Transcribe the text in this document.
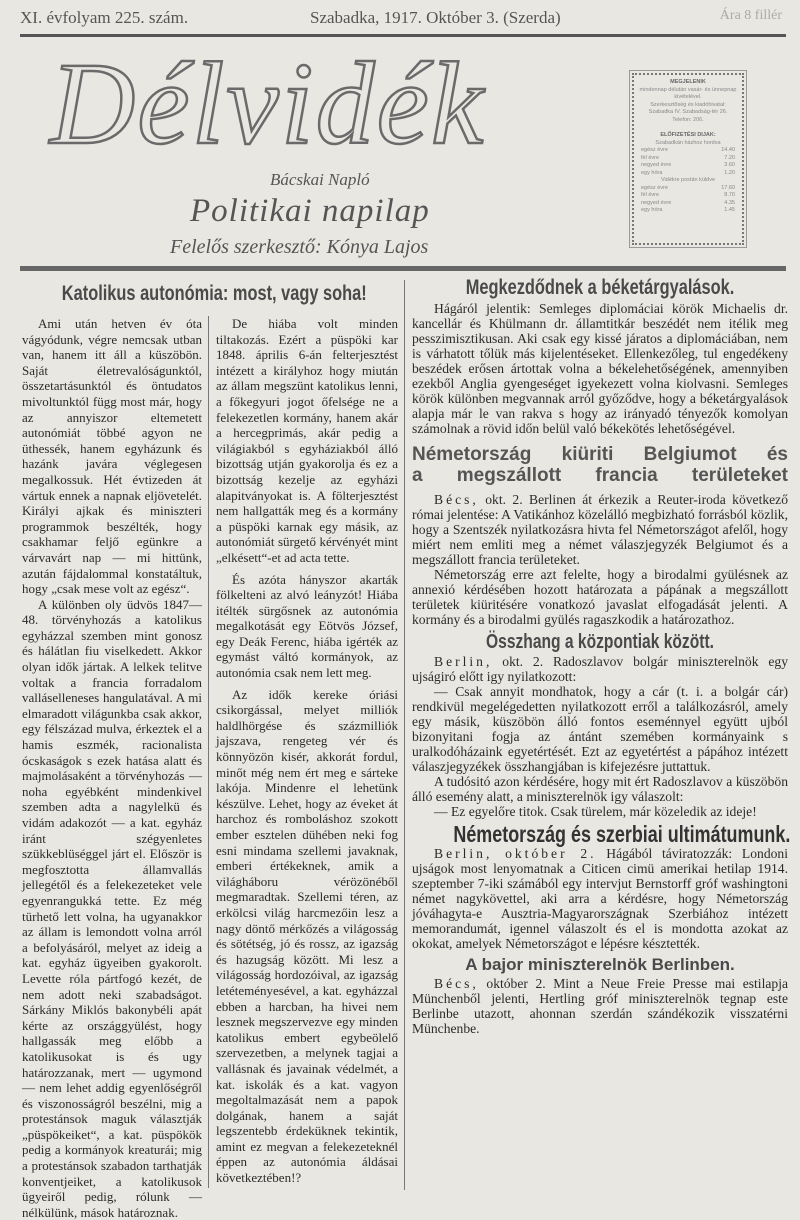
XI. évfolyam 225. szám.	Szabadka, 1917. Október 3. (Szerda)	Ára 8 fillér
Délvidék
Bácskai Napló
Politikai napilap
Felelős szerkesztő: Kónya Lajos
MEGJELENIK
mindennap délután vasár- és ünnepnap kivételével.
Szerkesztőség és kiadóhivatal:
Szabadka IV. Szabadság-tér 26.
Telefon: 206.
ELŐFIZETÉSI DIJAK:
Szabadkán házhoz hordva
egész évre	14.40
fél évre	7.20
negyed évre	3.60
egy hóra	1.20
Vidékre postán küldve
egész évre	17.60
fél évre	8.70
negyed évre	4.35
egy hóra	1.45
Katolikus autonómia: most, vagy soha!

Ami után hetven év óta vágyódunk, végre nemcsak utban van, hanem itt áll a küszöbön. Saját életrevalóságunktól, összetartásunktól és öntudatos mivoltunktól függ most már, hogy az annyiszor eltemetett autonómiát többé agyon ne üthessék, hanem egyházunk és hazánk javára véglegesen megalkossuk. Hét évtizeden át vártuk ennek a napnak eljövetelét. Királyi ajkak és miniszteri programmok beszélték, hogy csakhamar feljő egünkre a várvavárt nap — mi hittünk, azután fájdalommal konstatáltuk, hogy „csak mese volt az egész“.

A különben oly üdvös 1847—48. törvényhozás a katolikus egyházzal szemben mint gonosz és hálátlan fiu viselkedett. Akkor olyan idők jártak. A lelkek telitve voltak a francia forradalom valláselleneses hangulatával. A mi elmaradott világunkba csak akkor, egy félszázad mulva, érkeztek el a hamis eszmék, racionalista ócskaságok s ezek hatása alatt és majmolásaként a törvényhozás — noha egyébként mindenkivel szemben adta a nagylelkü és vidám adakozót — a kat. egyház iránt szégyenletes szükkeblüséggel járt el. Először is megfosztotta államvallás jellegétől és a felekezeteket vele egyenrangukká tette. Ez még türhető lett volna, ha ugyanakkor az állam is lemondott volna arról a befolyásáról, melyet az ideig a kat. egyház ügyeiben gyakorolt. Levette róla pártfogó kezét, de nem adott neki szabadságot. Sárkány Miklós bakonybéli apát kérte az országgyülést, hogy hallgassák meg előbb a katolikusokat is és ugy határozzanak, mert — ugymond — nem lehet addig egyenlőségről és viszonosságról beszélni, mig a protestánsok maguk választják „püspökeiket“, a kat. püspökök pedig a kormányok kreaturái; mig a protestánsok szabadon tarthatják konventjeiket, a katolikusok ügyeiről pedig, rólunk — nélkülünk, mások határoznak.

De hiába volt minden tiltakozás. Ezért a püspöki kar 1848. április 6-án felterjesztést intézett a királyhoz hogy miután az állam megszünt katolikus lenni, a főkegyuri jogot őfelsége ne a felekezetlen kormány, hanem akár a hercegprimás, akár pedig a világiakból s egyháziakból álló bizottság utján gyakorolja és ez a bizottság kezelje az egyházi alapitványokat is. A fölterjesztést nem hallgatták meg és a kormány a püspöki karnak egy másik, az autonómiát sürgető kérvényét mint „elkésett“-et ad acta tette.

És azóta hányszor akarták fölkelteni az alvó leányzót! Hiába itélték sürgősnek az autonómia megalkotását egy Eötvös József, egy Deák Ferenc, hiába igérték az egymást váltó kormányok, az autonómia csak nem lett meg.

Az idők kereke óriási csikorgással, melyet milliók haldlhörgése és százmilliók jajszava, rengeteg vér és könnyözön kisér, akkorát fordul, minőt még nem ért meg e sárteke lakója. Mindenre el lehetünk készülve. Lehet, hogy az éveket át harchoz és romboláshoz szokott ember esztelen dühében neki fog esni mindama szellemi javaknak, emberi értékeknek, amik a világháboru vérözönéből megmaradtak. Szellemi téren, az erkölcsi világ harcmezőin lesz a nagy döntő mérkőzés a világosság és sötétség, jó és rossz, az igazság és hazugság között. Mi lesz a világosság hordozóival, az igazság letéteményesével, a kat. egyházzal ebben a harcban, ha hivei nem lesznek megszervezve egy minden katolikus embert egybeölelő szervezetben, a melynek tagjai a vallásnak és javainak védelmét, a kat. iskolák és a kat. vagyon megoltalmazását nem a papok dolgának, hanem a saját legszentebb érdeküknek tekintik, amint ez megvan a felekezeteknél éppen az autonómia áldásai következtében!?

Megkezdődnek a béketárgyalások.

Hágáról jelentik: Semleges diplomáciai körök Michaelis dr. kancellár és Khülmann dr. államtitkár beszédét nem itélik meg pesszimisztikusan. Aki csak egy kissé járatos a diplomáciában, nem is várhatott tőlük más kijelentéseket. Ellenkezőleg, tul engedékeny beszédek erősen ártottak volna a békelehetőségének, amennyiben ezekből Anglia gyengeséget igyekezett volna kiolvasni. Semleges körök különben megvannak arról győződve, hogy a béketárgyalások alapja már le van rakva s hogy az irányadó tényezők komolyan számolnak a rövid időn belül való békekötés lehetőségével.

Németország kiüriti Belgiumot és
a megszállott francia területeket

Bécs, okt. 2. Berlinen át érkezik a Reuter-iroda következő római jelentése: A Vatikánhoz közelálló megbizható forrásból közlik, hogy a Szentszék nyilatkozásra hivta fel Németországot afelől, hogy miért nem emliti meg a német válaszjegyzék Belgiumot és a megszállott francia területeket.

Németország erre azt felelte, hogy a birodalmi gyülésnek az annexió kérdésében hozott határozata a pápának a megszállott területek kiüritésére vonatkozó javaslat elfogadását jelenti. A kormány és a birodalmi gyülés ragaszkodik a határozathoz.

Összhang a központiak között.

Berlin, okt. 2. Radoszlavov bolgár miniszterelnök egy ujságiró előtt igy nyilatkozott:

— Csak annyit mondhatok, hogy a cár (t. i. a bolgár cár) rendkivül megelégedetten nyilatkozott erről a találkozásról, amely egy másik, küszöbön álló fontos eseménnyel együtt ujból bizonyitani fogja az ántánt szemében kormányaink s uralkodóházaink egyetértését. Ezt az egyetértést a pápához intézett válaszjegyzékek összhangjában is kifejezésre juttattuk.

A tudósitó azon kérdésére, hogy mit ért Radoszlavov a küszöbön álló esemény alatt, a miniszterelnök igy válaszolt:

— Ez egyelőre titok. Csak türelem, már közeledik az ideje!

Németország és szerbiai ultimátumunk.

Berlin, október 2. Hágából táviratozzák: Londoni ujságok most lenyomatnak a Citicen cimü amerikai hetilap 1914. szeptember 7-iki számából egy intervjut Bernstorff gróf washingtoni német nagykövettel, aki arra a kérdésre, hogy Németország jóváhagyta-e Ausztria-Magyarországnak Szerbiához intézett memorandumát, igennel válaszolt és el is mondotta azokat az okokat, amelyek Németországot e lépésre késztették.

A bajor miniszterelnök Berlinben.

Bécs, október 2. Mint a Neue Freie Presse mai estilapja Münchenből jelenti, Hertling gróf miniszterelnök tegnap este Berlinbe utazott, ahonnan szerdán szándékozik visszatérni Münchenbe.
